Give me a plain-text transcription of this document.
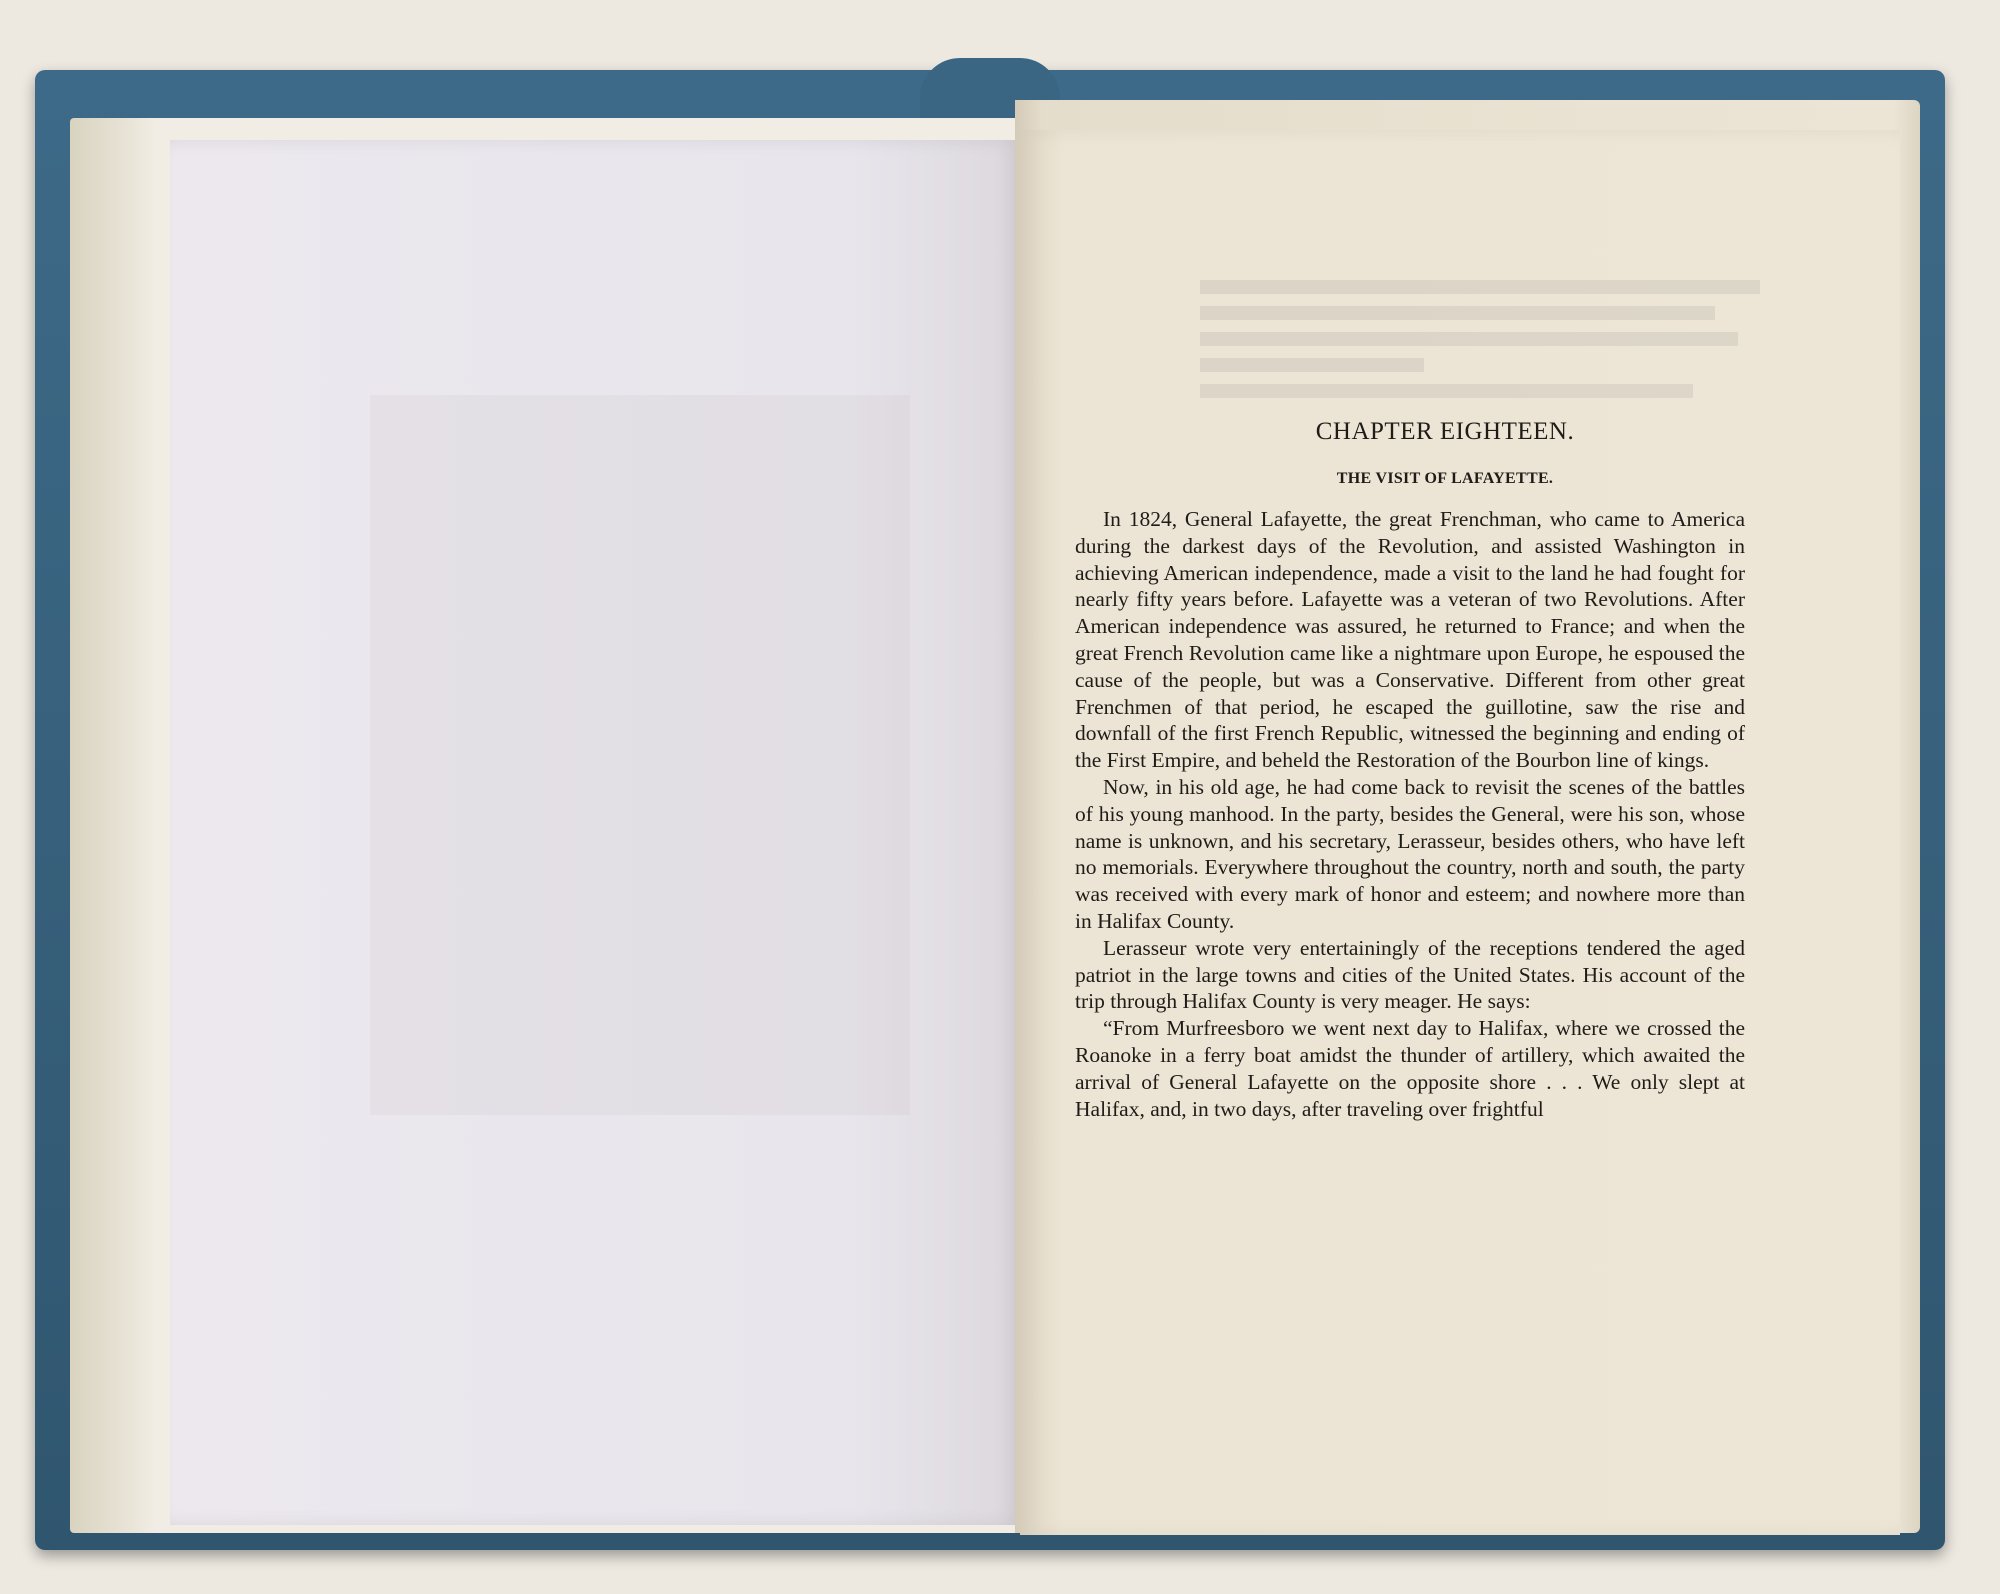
CHAPTER EIGHTEEN.

THE VISIT OF LAFAYETTE.

In 1824, General Lafayette, the great Frenchman, who came to America during the darkest days of the Revolution, and assisted Washington in achieving American independence, made a visit to the land he had fought for nearly fifty years before. Lafayette was a veteran of two Revolutions. After American independence was assured, he returned to France; and when the great French Revolution came like a nightmare upon Europe, he espoused the cause of the people, but was a Conservative. Different from other great Frenchmen of that period, he escaped the guillotine, saw the rise and downfall of the first French Republic, witnessed the beginning and ending of the First Empire, and beheld the Restoration of the Bourbon line of kings.

Now, in his old age, he had come back to revisit the scenes of the battles of his young manhood. In the party, besides the General, were his son, whose name is unknown, and his secretary, Lerasseur, besides others, who have left no memorials. Everywhere throughout the country, north and south, the party was received with every mark of honor and esteem; and nowhere more than in Halifax County.

Lerasseur wrote very entertainingly of the receptions tendered the aged patriot in the large towns and cities of the United States. His account of the trip through Halifax County is very meager. He says:

“From Murfreesboro we went next day to Halifax, where we crossed the Roanoke in a ferry boat amidst the thunder of artillery, which awaited the arrival of General Lafayette on the opposite shore . . . We only slept at Halifax, and, in two days, after traveling over frightful
